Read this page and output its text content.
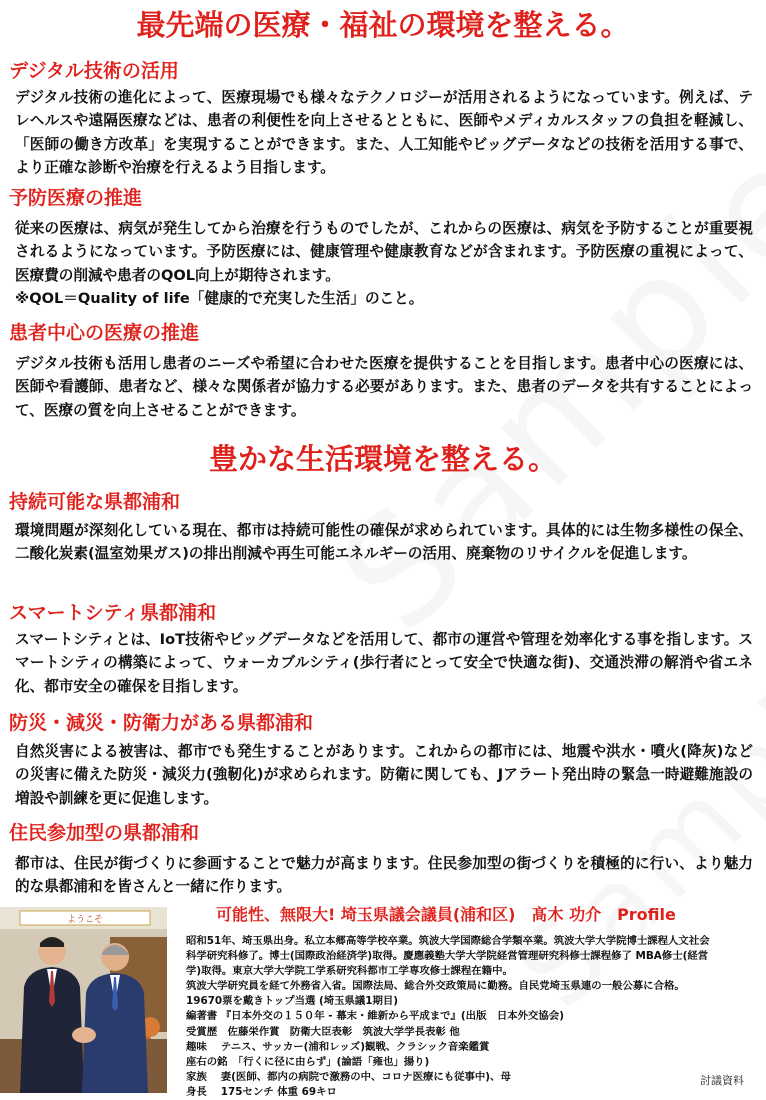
最先端の医療・福祉の環境を整える。
デジタル技術の活用
デジタル技術の進化によって、医療現場でも様々なテクノロジーが活用されるようになっています。例えば、テレヘルスや遠隔医療などは、患者の利便性を向上させるとともに、医師やメディカルスタッフの負担を軽減し、「医師の働き方改革」を実現することができます。また、人工知能やビッグデータなどの技術を活用する事で、より正確な診断や治療を行えるよう目指します。
予防医療の推進
従来の医療は、病気が発生してから治療を行うものでしたが、これからの医療は、病気を予防することが重要視されるようになっています。予防医療には、健康管理や健康教育などが含まれます。予防医療の重視によって、医療費の削減や患者のQOL向上が期待されます。
※QOL＝Quality of life「健康的で充実した生活」のこと。
患者中心の医療の推進
デジタル技術も活用し患者のニーズや希望に合わせた医療を提供することを目指します。患者中心の医療には、医師や看護師、患者など、様々な関係者が協力する必要があります。また、患者のデータを共有することによって、医療の質を向上させることができます。
豊かな生活環境を整える。
持続可能な県都浦和
環境問題が深刻化している現在、都市は持続可能性の確保が求められています。具体的には生物多様性の保全、二酸化炭素(温室効果ガス)の排出削減や再生可能エネルギーの活用、廃棄物のリサイクルを促進します。
スマートシティ県都浦和
スマートシティとは、IoT技術やビッグデータなどを活用して、都市の運営や管理を効率化する事を指します。スマートシティの構築によって、ウォーカブルシティ(歩行者にとって安全で快適な街)、交通渋滞の解消や省エネ化、都市安全の確保を目指します。
防災・減災・防衛力がある県都浦和
自然災害による被害は、都市でも発生することがあります。これからの都市には、地震や洪水・噴火(降灰)などの災害に備えた防災・減災力(強靭化)が求められます。防衛に関しても、Jアラート発出時の緊急一時避難施設の増設や訓練を更に促進します。
住民参加型の県都浦和
都市は、住民が街づくりに参画することで魅力が高まります。住民参加型の街づくりを積極的に行い、より魅力的な県都浦和を皆さんと一緒に作ります。
ようこそ	可能性、無限大! 埼玉県議会議員(浦和区)　髙木 功介　Profile
昭和51年、埼玉県出身。私立本郷高等学校卒業。筑波大学国際総合学類卒業。筑波大学大学院博士課程人文社会
科学研究科修了。博士(国際政治経済学)取得。慶應義塾大学大学院経営管理研究科修士課程修了 MBA修士(経営
学)取得。東京大学大学院工学系研究科都市工学専攻修士課程在籍中。
筑波大学研究員を経て外務省入省。国際法局、総合外交政策局に勤務。自民党埼玉県連の一般公募に合格。
19670票を戴きトップ当選 (埼玉県議1期目)
編著書 『日本外交の１５０年 - 幕末・維新から平成まで』(出版　日本外交協会)
受賞歴　佐藤栄作賞　防衛大臣表彰　筑波大学学長表彰 他
趣味　 テニス、サッカー(浦和レッズ)観戦、クラシック音楽鑑賞
座右の銘　「行くに径に由らず」(論語「雍也」揚り)
家族　 妻(医師、都内の病院で激務の中、コロナ医療にも従事中)、母
身長　 175センチ 体重 69キロ
討議資料
